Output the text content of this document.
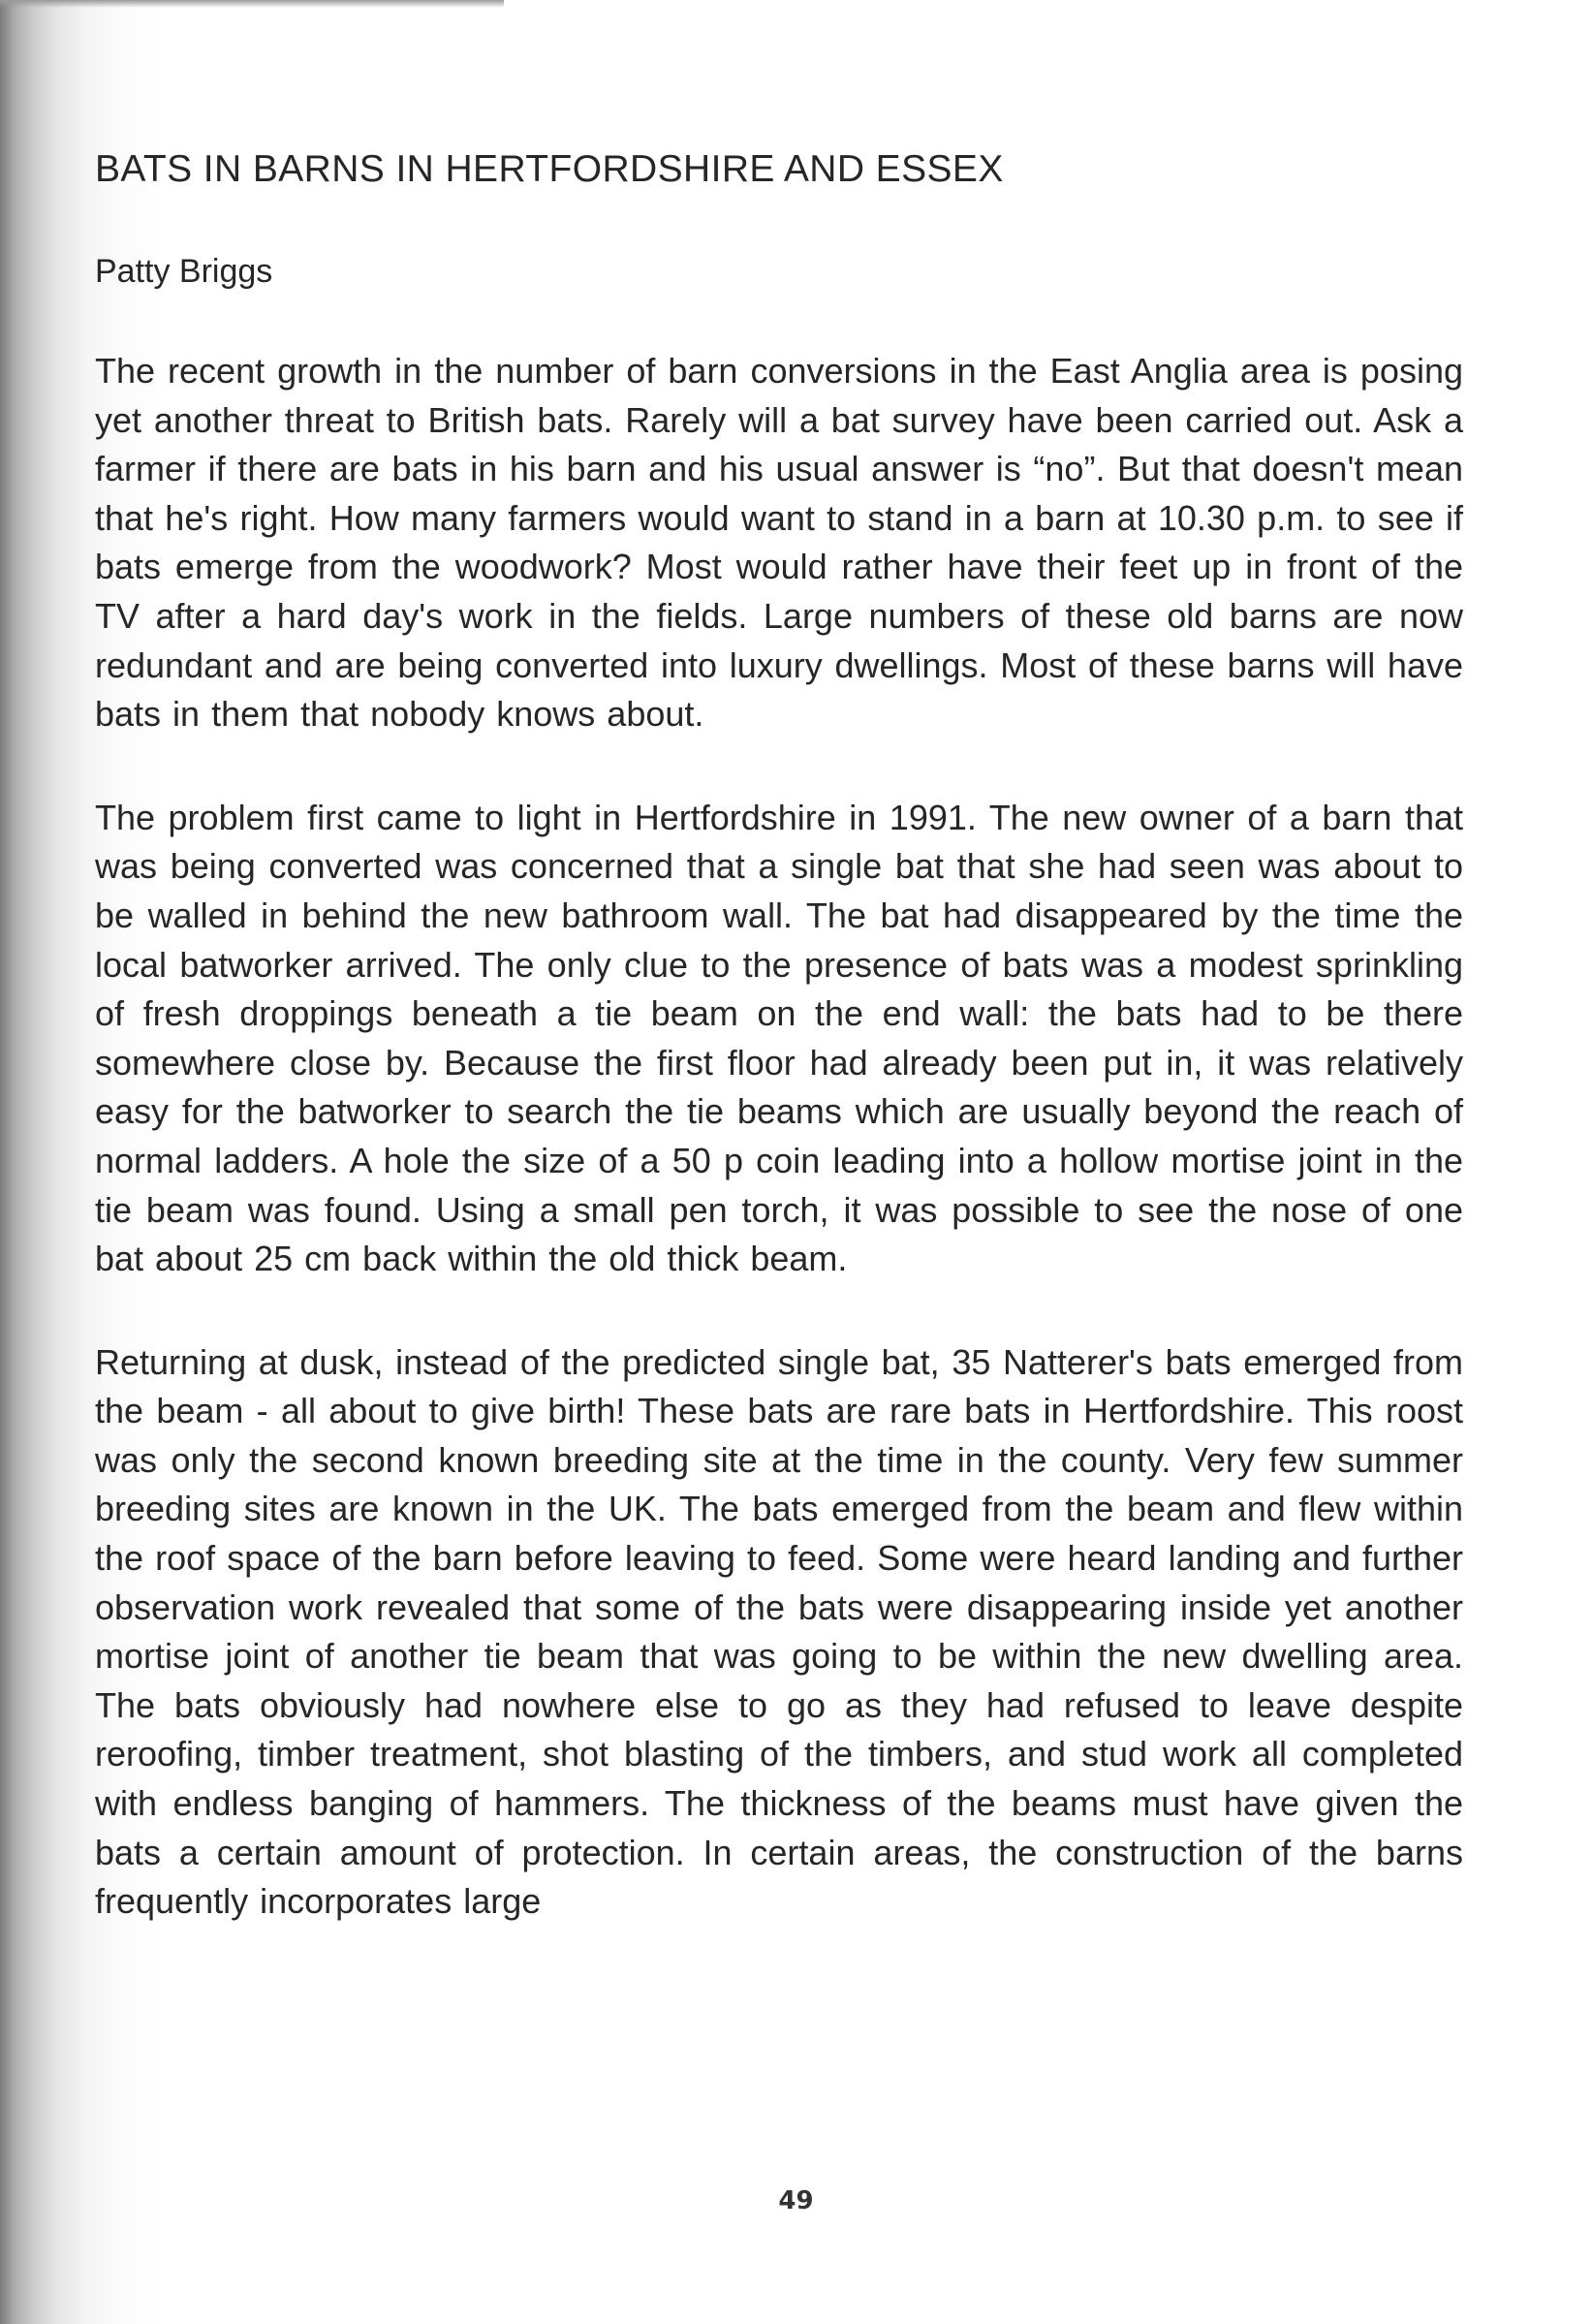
BATS IN BARNS IN HERTFORDSHIRE AND ESSEX
Patty Briggs

The recent growth in the number of barn conversions in the East Anglia area is posing yet another threat to British bats. Rarely will a bat survey have been carried out. Ask a farmer if there are bats in his barn and his usual answer is “no”. But that doesn't mean that he's right. How many farmers would want to stand in a barn at 10.30 p.m. to see if bats emerge from the woodwork? Most would rather have their feet up in front of the TV after a hard day's work in the fields. Large numbers of these old barns are now redundant and are being converted into luxury dwellings. Most of these barns will have bats in them that nobody knows about.

The problem first came to light in Hertfordshire in 1991. The new owner of a barn that was being converted was concerned that a single bat that she had seen was about to be walled in behind the new bathroom wall. The bat had disappeared by the time the local batworker arrived. The only clue to the presence of bats was a modest sprinkling of fresh droppings beneath a tie beam on the end wall: the bats had to be there somewhere close by. Because the first floor had already been put in, it was relatively easy for the batworker to search the tie beams which are usually beyond the reach of normal ladders. A hole the size of a 50 p coin leading into a hollow mortise joint in the tie beam was found. Using a small pen torch, it was possible to see the nose of one bat about 25 cm back within the old thick beam.

Returning at dusk, instead of the predicted single bat, 35 Natterer's bats emerged from the beam - all about to give birth! These bats are rare bats in Hertfordshire. This roost was only the second known breeding site at the time in the county. Very few summer breeding sites are known in the UK. The bats emerged from the beam and flew within the roof space of the barn before leaving to feed. Some were heard landing and further observation work revealed that some of the bats were disappearing inside yet another mortise joint of another tie beam that was going to be within the new dwelling area. The bats obviously had nowhere else to go as they had refused to leave despite reroofing, timber treatment, shot blasting of the timbers, and stud work all completed with endless banging of hammers. The thickness of the beams must have given the bats a certain amount of protection. In certain areas, the construction of the barns frequently incorporates large

49
